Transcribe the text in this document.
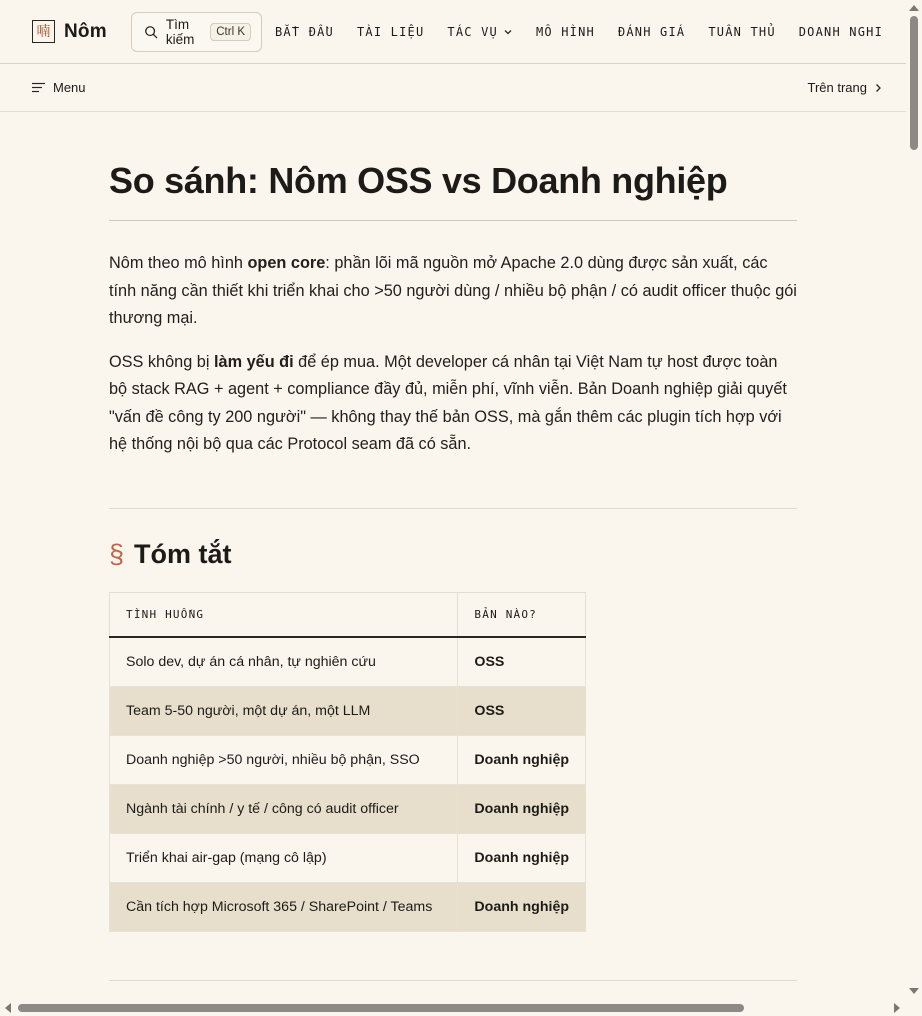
喃 Nôm	Tìm kiếm	Ctrl K	BẮT ĐẦU TÀI LIỆU TÁC VỤ	MÔ HÌNH ĐÁNH GIÁ TUÂN THỦ DOANH NGHI
Menu	Trên trang
So sánh: Nôm OSS vs Doanh nghiệp

Nôm theo mô hình open core: phần lõi mã nguồn mở Apache 2.0 dùng được sản xuất, các tính năng cần thiết khi triển khai cho >50 người dùng / nhiều bộ phận / có audit officer thuộc gói thương mại.

OSS không bị làm yếu đi để ép mua. Một developer cá nhân tại Việt Nam tự host được toàn bộ stack RAG + agent + compliance đầy đủ, miễn phí, vĩnh viễn. Bản Doanh nghiệp giải quyết "vấn đề công ty 200 người" — không thay thế bản OSS, mà gắn thêm các plugin tích hợp với hệ thống nội bộ qua các Protocol seam đã có sẵn.

§ Tóm tắt
TÌNH HUỐNG	BẢN NÀO?
Solo dev, dự án cá nhân, tự nghiên cứu	OSS
Team 5-50 người, một dự án, một LLM	OSS
Doanh nghiệp >50 người, nhiều bộ phận, SSO	Doanh nghiệp
Ngành tài chính / y tế / công có audit officer	Doanh nghiệp
Triển khai air-gap (mạng cô lập)	Doanh nghiệp
Cần tích hợp Microsoft 365 / SharePoint / Teams	Doanh nghiệp
